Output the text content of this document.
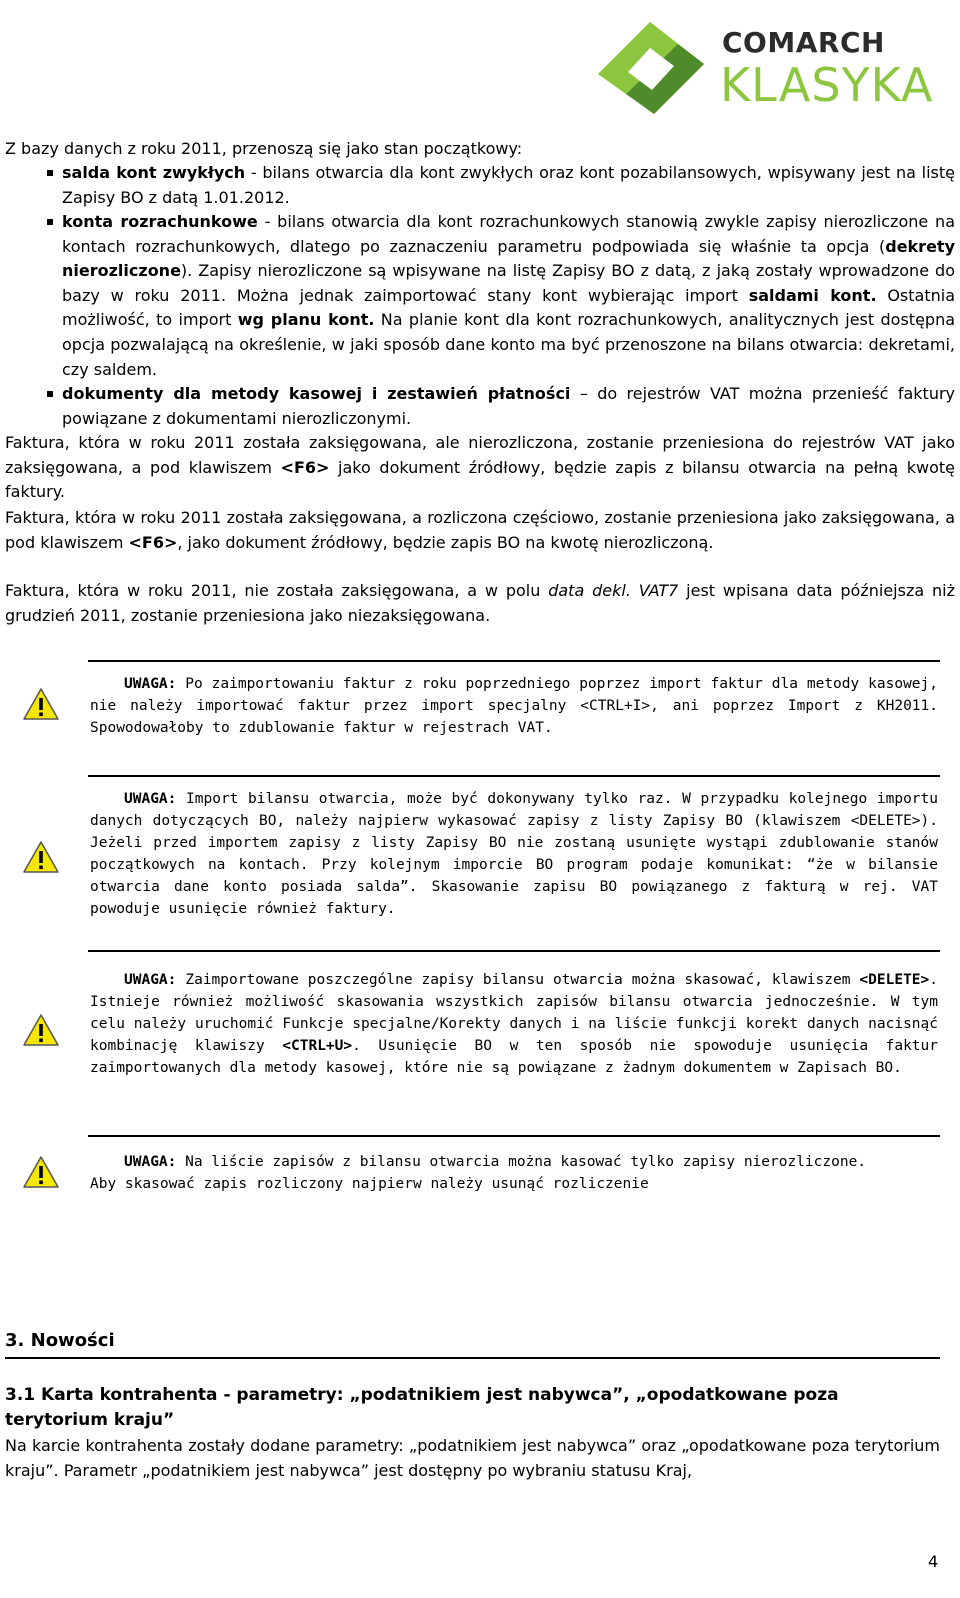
COMARCH
KLASYKA
Z bazy danych z roku 2011, przenoszą się jako stan początkowy:
salda kont zwykłych - bilans otwarcia dla kont zwykłych oraz kont pozabilansowych, wpisywany jest na listę Zapisy BO z datą 1.01.2012.
konta rozrachunkowe - bilans otwarcia dla kont rozrachunkowych stanowią zwykle zapisy nierozliczone na kontach rozrachunkowych, dlatego po zaznaczeniu parametru podpowiada się właśnie ta opcja (dekrety nierozliczone). Zapisy nierozliczone są wpisywane na listę Zapisy BO z datą, z jaką zostały wprowadzone do bazy w roku 2011. Można jednak zaimportować stany kont wybierając import saldami kont. Ostatnia możliwość, to import wg planu kont. Na planie kont dla kont rozrachunkowych, analitycznych jest dostępna opcja pozwalającą na określenie, w jaki sposób dane konto ma być przenoszone na bilans otwarcia: dekretami, czy saldem.
dokumenty dla metody kasowej i zestawień płatności – do rejestrów VAT można przenieść faktury powiązane z dokumentami nierozliczonymi.
Faktura, która w roku 2011 została zaksięgowana, ale nierozliczona, zostanie przeniesiona do rejestrów VAT jako zaksięgowana, a pod klawiszem <F6> jako dokument źródłowy, będzie zapis z bilansu otwarcia na pełną kwotę faktury.
Faktura, która w roku 2011 została zaksięgowana, a rozliczona częściowo, zostanie przeniesiona jako zaksięgowana, a pod klawiszem <F6>, jako dokument źródłowy, będzie zapis BO na kwotę nierozliczoną.
Faktura, która w roku 2011, nie została zaksięgowana, a w polu data dekl. VAT7 jest wpisana data późniejsza niż grudzień 2011, zostanie przeniesiona jako niezaksięgowana.
UWAGA: Po zaimportowaniu faktur z roku poprzedniego poprzez import faktur dla metody kasowej, nie należy importować faktur przez import specjalny <CTRL+I>, ani poprzez Import z KH2011. Spowodowałoby to zdublowanie faktur w rejestrach VAT.
UWAGA: Import bilansu otwarcia, może być dokonywany tylko raz. W przypadku kolejnego importu danych dotyczących BO, należy najpierw wykasować zapisy z listy Zapisy BO (klawiszem <DELETE>). Jeżeli przed importem zapisy z listy Zapisy BO nie zostaną usunięte wystąpi zdublowanie stanów początkowych na kontach. Przy kolejnym imporcie BO program podaje komunikat: “że w bilansie otwarcia dane konto posiada salda”. Skasowanie zapisu BO powiązanego z fakturą w rej. VAT powoduje usunięcie również faktury.
UWAGA: Zaimportowane poszczególne zapisy bilansu otwarcia można skasować, klawiszem <DELETE>. Istnieje również możliwość skasowania wszystkich zapisów bilansu otwarcia jednocześnie. W tym celu należy uruchomić Funkcje specjalne/Korekty danych i na liście funkcji korekt danych nacisnąć kombinację klawiszy <CTRL+U>. Usunięcie BO w ten sposób nie spowoduje usunięcia faktur zaimportowanych dla metody kasowej, które nie są powiązane z żadnym dokumentem w Zapisach BO.
UWAGA: Na liście zapisów z bilansu otwarcia można kasować tylko zapisy nierozliczone.
Aby skasować zapis rozliczony najpierw należy usunąć rozliczenie
3. Nowości
3.1 Karta kontrahenta - parametry: „podatnikiem jest nabywca”, „opodatkowane poza terytorium kraju”
Na karcie kontrahenta zostały dodane parametry: „podatnikiem jest nabywca” oraz „opodatkowane poza terytorium kraju”. Parametr „podatnikiem jest nabywca” jest dostępny po wybraniu statusu Kraj,
4
